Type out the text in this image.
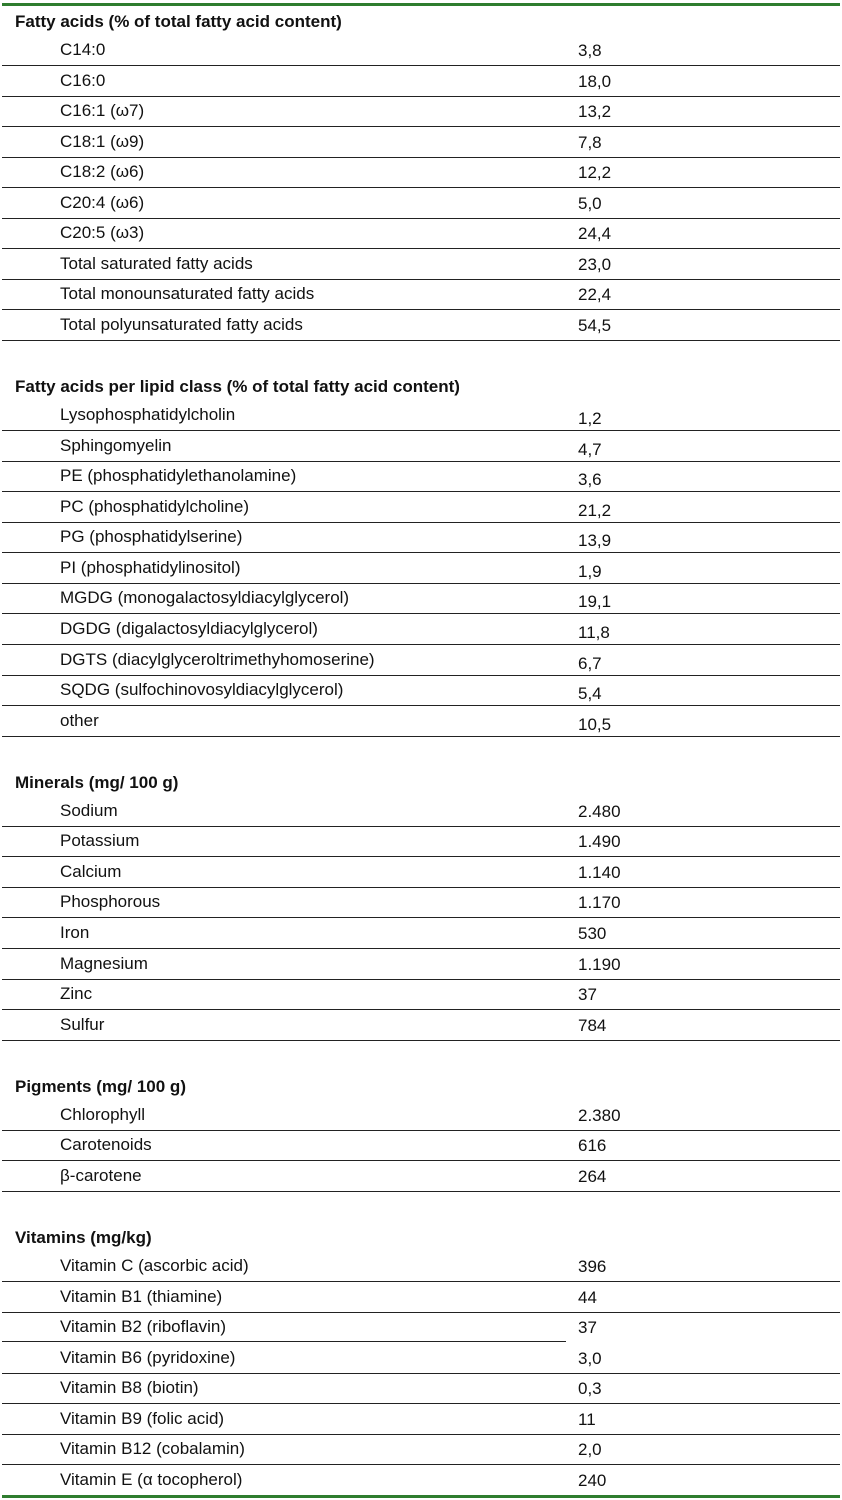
Fatty acids (% of total fatty acid content)
C14:0	3,8
C16:0	18,0
C16:1 (ω7)	13,2
C18:1 (ω9)	7,8
C18:2 (ω6)	12,2
C20:4 (ω6)	5,0
C20:5 (ω3)	24,4
Total saturated fatty acids	23,0
Total monounsaturated fatty acids	22,4
Total polyunsaturated fatty acids	54,5
Fatty acids per lipid class (% of total fatty acid content)
Lysophosphatidylcholin	1,2
Sphingomyelin	4,7
PE (phosphatidylethanolamine)	3,6
PC (phosphatidylcholine)	21,2
PG (phosphatidylserine)	13,9
PI (phosphatidylinositol)	1,9
MGDG (monogalactosyldiacylglycerol)	19,1
DGDG (digalactosyldiacylglycerol)	11,8
DGTS (diacylglyceroltrimethyhomoserine)	6,7
SQDG (sulfochinovosyldiacylglycerol)	5,4
other	10,5
Minerals (mg/ 100 g)
Sodium	2.480
Potassium	1.490
Calcium	1.140
Phosphorous	1.170
Iron	530
Magnesium	1.190
Zinc	37
Sulfur	784
Pigments (mg/ 100 g)
Chlorophyll	2.380
Carotenoids	616
β-carotene	264
Vitamins (mg/kg)
Vitamin C (ascorbic acid)	396
Vitamin B1 (thiamine)	44
Vitamin B2 (riboflavin)	37
Vitamin B6 (pyridoxine)	3,0
Vitamin B8 (biotin)	0,3
Vitamin B9 (folic acid)	11
Vitamin B12 (cobalamin)	2,0
Vitamin E (α tocopherol)	240
